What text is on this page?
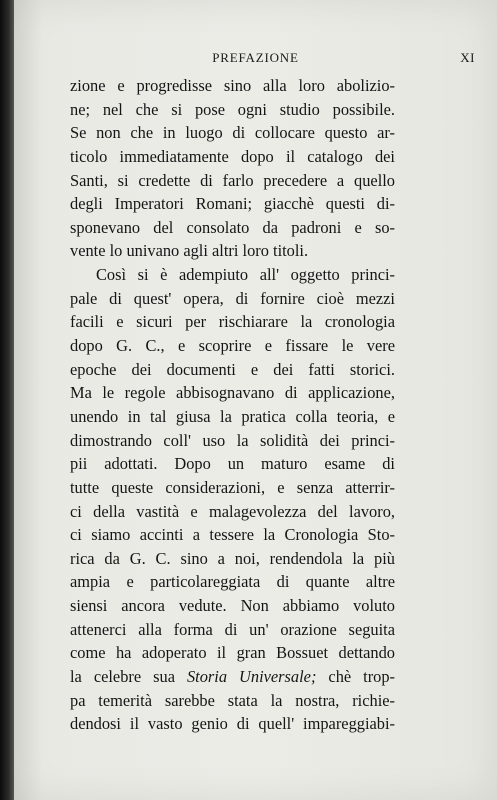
PREFAZIONE	XI
zione e progredisse sino alla loro abolizio-
ne; nel che si pose ogni studio possibile.
Se non che in luogo di collocare questo ar-
ticolo immediatamente dopo il catalogo dei
Santi, si credette di farlo precedere a quello
degli Imperatori Romani; giacchè questi di-
sponevano del consolato da padroni e so-
vente lo univano agli altri loro titoli.
Così si è adempiuto all' oggetto princi-
pale di quest' opera, di fornire cioè mezzi
facili e sicuri per rischiarare la cronologia
dopo G. C., e scoprire e fissare le vere
epoche dei documenti e dei fatti storici.
Ma le regole abbisognavano di applicazione,
unendo in tal giusa la pratica colla teoria, e
dimostrando coll' uso la solidità dei princi-
pii adottati. Dopo un maturo esame di
tutte queste considerazioni, e senza atterrir-
ci della vastità e malagevolezza del lavoro,
ci siamo accinti a tessere la Cronologia Sto-
rica da G. C. sino a noi, rendendola la più
ampia e particolareggiata di quante altre
siensi ancora vedute. Non abbiamo voluto
attenerci alla forma di un' orazione seguita
come ha adoperato il gran Bossuet dettando
la celebre sua Storia Universale; chè trop-
pa temerità sarebbe stata la nostra, richie-
dendosi il vasto genio di quell' impareggiabi-
